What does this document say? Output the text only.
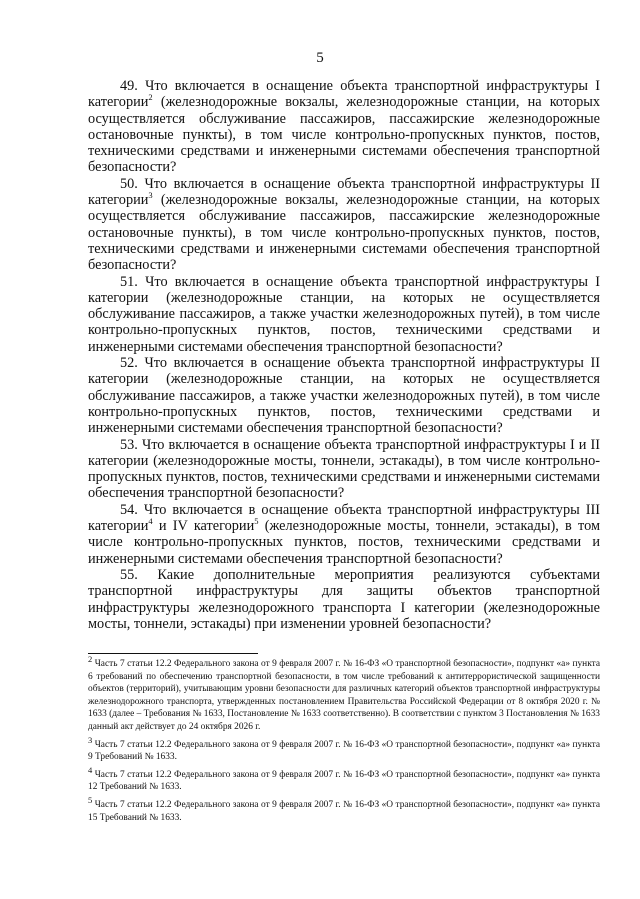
5

49. Что включается в оснащение объекта транспортной инфраструктуры I категории$^2$ (железнодорожные вокзалы, железнодорожные станции, на которых осуществляется обслуживание пассажиров, пассажирские железнодорожные остановочные пункты), в том числе контрольно-пропускных пунктов, постов, техническими средствами и инженерными системами обеспечения транспортной безопасности?

50. Что включается в оснащение объекта транспортной инфраструктуры II категории$^3$ (железнодорожные вокзалы, железнодорожные станции, на которых осуществляется обслуживание пассажиров, пассажирские железнодорожные остановочные пункты), в том числе контрольно-пропускных пунктов, постов, техническими средствами и инженерными системами обеспечения транспортной безопасности?

51. Что включается в оснащение объекта транспортной инфраструктуры I категории (железнодорожные станции, на которых не осуществляется обслуживание пассажиров, а также участки железнодорожных путей), в том числе контрольно-пропускных пунктов, постов, техническими средствами и инженерными системами обеспечения транспортной безопасности?

52. Что включается в оснащение объекта транспортной инфраструктуры II категории (железнодорожные станции, на которых не осуществляется обслуживание пассажиров, а также участки железнодорожных путей), в том числе контрольно-пропускных пунктов, постов, техническими средствами и инженерными системами обеспечения транспортной безопасности?

53. Что включается в оснащение объекта транспортной инфраструктуры I и II категории (железнодорожные мосты, тоннели, эстакады), в том числе контрольно-пропускных пунктов, постов, техническими средствами и инженерными системами обеспечения транспортной безопасности?

54. Что включается в оснащение объекта транспортной инфраструктуры III категории$^4$ и IV категории$^5$ (железнодорожные мосты, тоннели, эстакады), в том числе контрольно-пропускных пунктов, постов, техническими средствами и инженерными системами обеспечения транспортной безопасности?

55. Какие дополнительные мероприятия реализуются субъектами транспортной инфраструктуры для защиты объектов транспортной инфраструктуры железнодорожного транспорта I категории (железнодорожные мосты, тоннели, эстакады) при изменении уровней безопасности?

$^2$ Часть 7 статьи 12.2 Федерального закона от 9 февраля 2007 г. № 16-ФЗ «О транспортной безопасности», подпункт «а» пункта 6 требований по обеспечению транспортной безопасности, в том числе требований к антитеррористической защищенности объектов (территорий), учитывающим уровни безопасности для различных категорий объектов транспортной инфраструктуры железнодорожного транспорта, утвержденных постановлением Правительства Российской Федерации от 8 октября 2020 г. № 1633 (далее – Требования № 1633, Постановление № 1633 соответственно). В соответствии с пунктом 3 Постановления № 1633 данный акт действует до 24 октября 2026 г.

$^3$ Часть 7 статьи 12.2 Федерального закона от 9 февраля 2007 г. № 16-ФЗ «О транспортной безопасности», подпункт «а» пункта 9 Требований № 1633.

$^4$ Часть 7 статьи 12.2 Федерального закона от 9 февраля 2007 г. № 16-ФЗ «О транспортной безопасности», подпункт «а» пункта 12 Требований № 1633.

$^5$ Часть 7 статьи 12.2 Федерального закона от 9 февраля 2007 г. № 16-ФЗ «О транспортной безопасности», подпункт «а» пункта 15 Требований № 1633.
